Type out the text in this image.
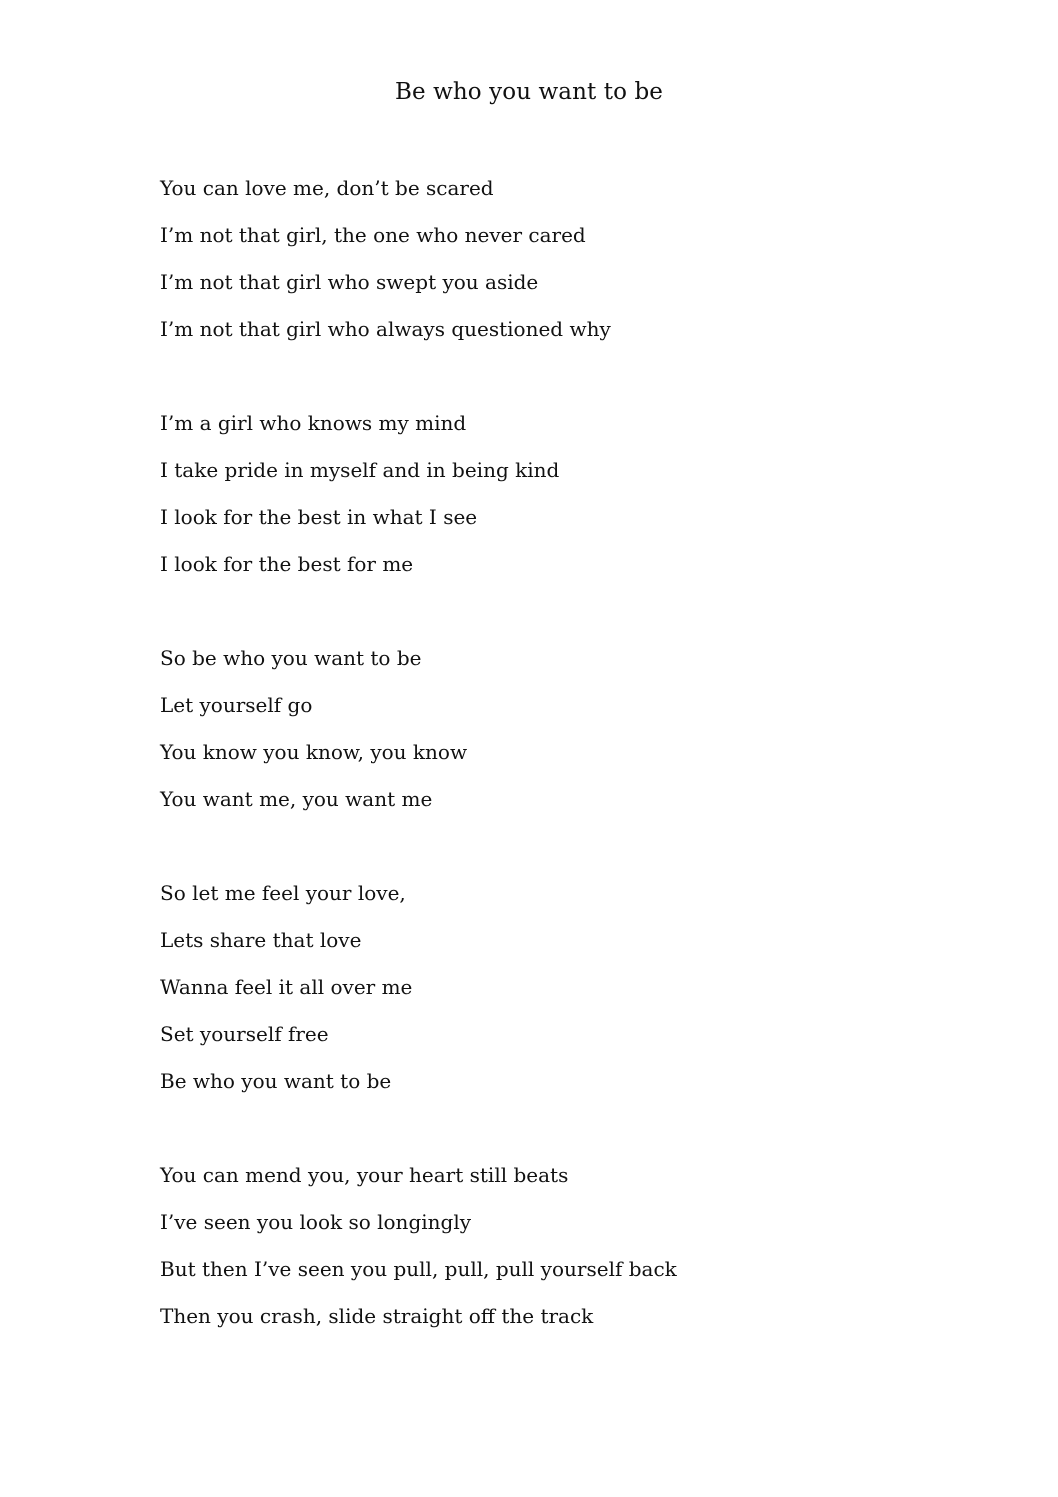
Be who you want to be
You can love me, don’t be scared
I’m not that girl, the one who never cared
I’m not that girl who swept you aside
I’m not that girl who always questioned why
I’m a girl who knows my mind
I take pride in myself and in being kind
I look for the best in what I see
I look for the best for me
So be who you want to be
Let yourself go
You know you know, you know
You want me, you want me
So let me feel your love,
Lets share that love
Wanna feel it all over me
Set yourself free
Be who you want to be
You can mend you, your heart still beats
I’ve seen you look so longingly
But then I’ve seen you pull, pull, pull yourself back
Then you crash, slide straight off the track
